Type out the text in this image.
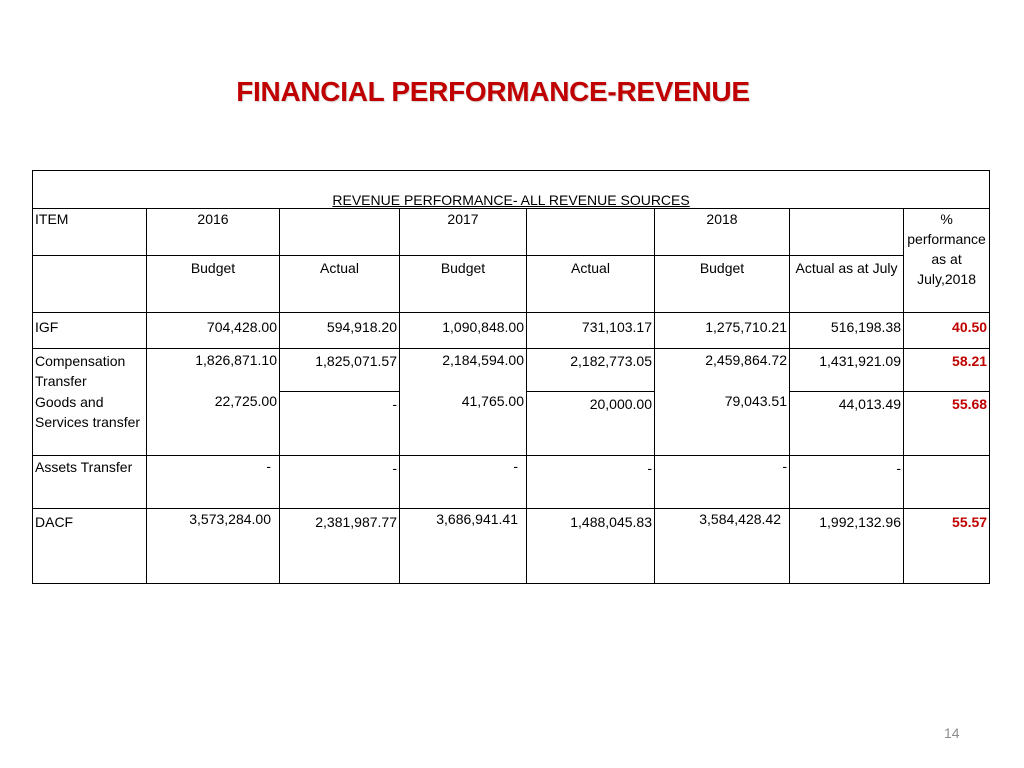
FINANCIAL PERFORMANCE-REVENUE
REVENUE PERFORMANCE- ALL REVENUE SOURCES							
ITEM	2016		2017		2018		% performance as at July,2018
	Budget	Actual	Budget	Actual	Budget	Actual as at July	
IGF	704,428.00	594,918.20	1,090,848.00	731,103.17	1,275,710.21	516,198.38	40.50
Compensation Transfer	1,826,871.10	1,825,071.57	2,184,594.00	2,182,773.05	2,459,864.72	1,431,921.09	58.21
Goods and Services transfer	22,725.00	-	41,765.00	20,000.00	79,043.51	44,013.49	55.68
Assets Transfer	-	-	-	-	-	-	
DACF	3,573,284.00	2,381,987.77	3,686,941.41	1,488,045.83	3,584,428.42	1,992,132.96	55.57
14
